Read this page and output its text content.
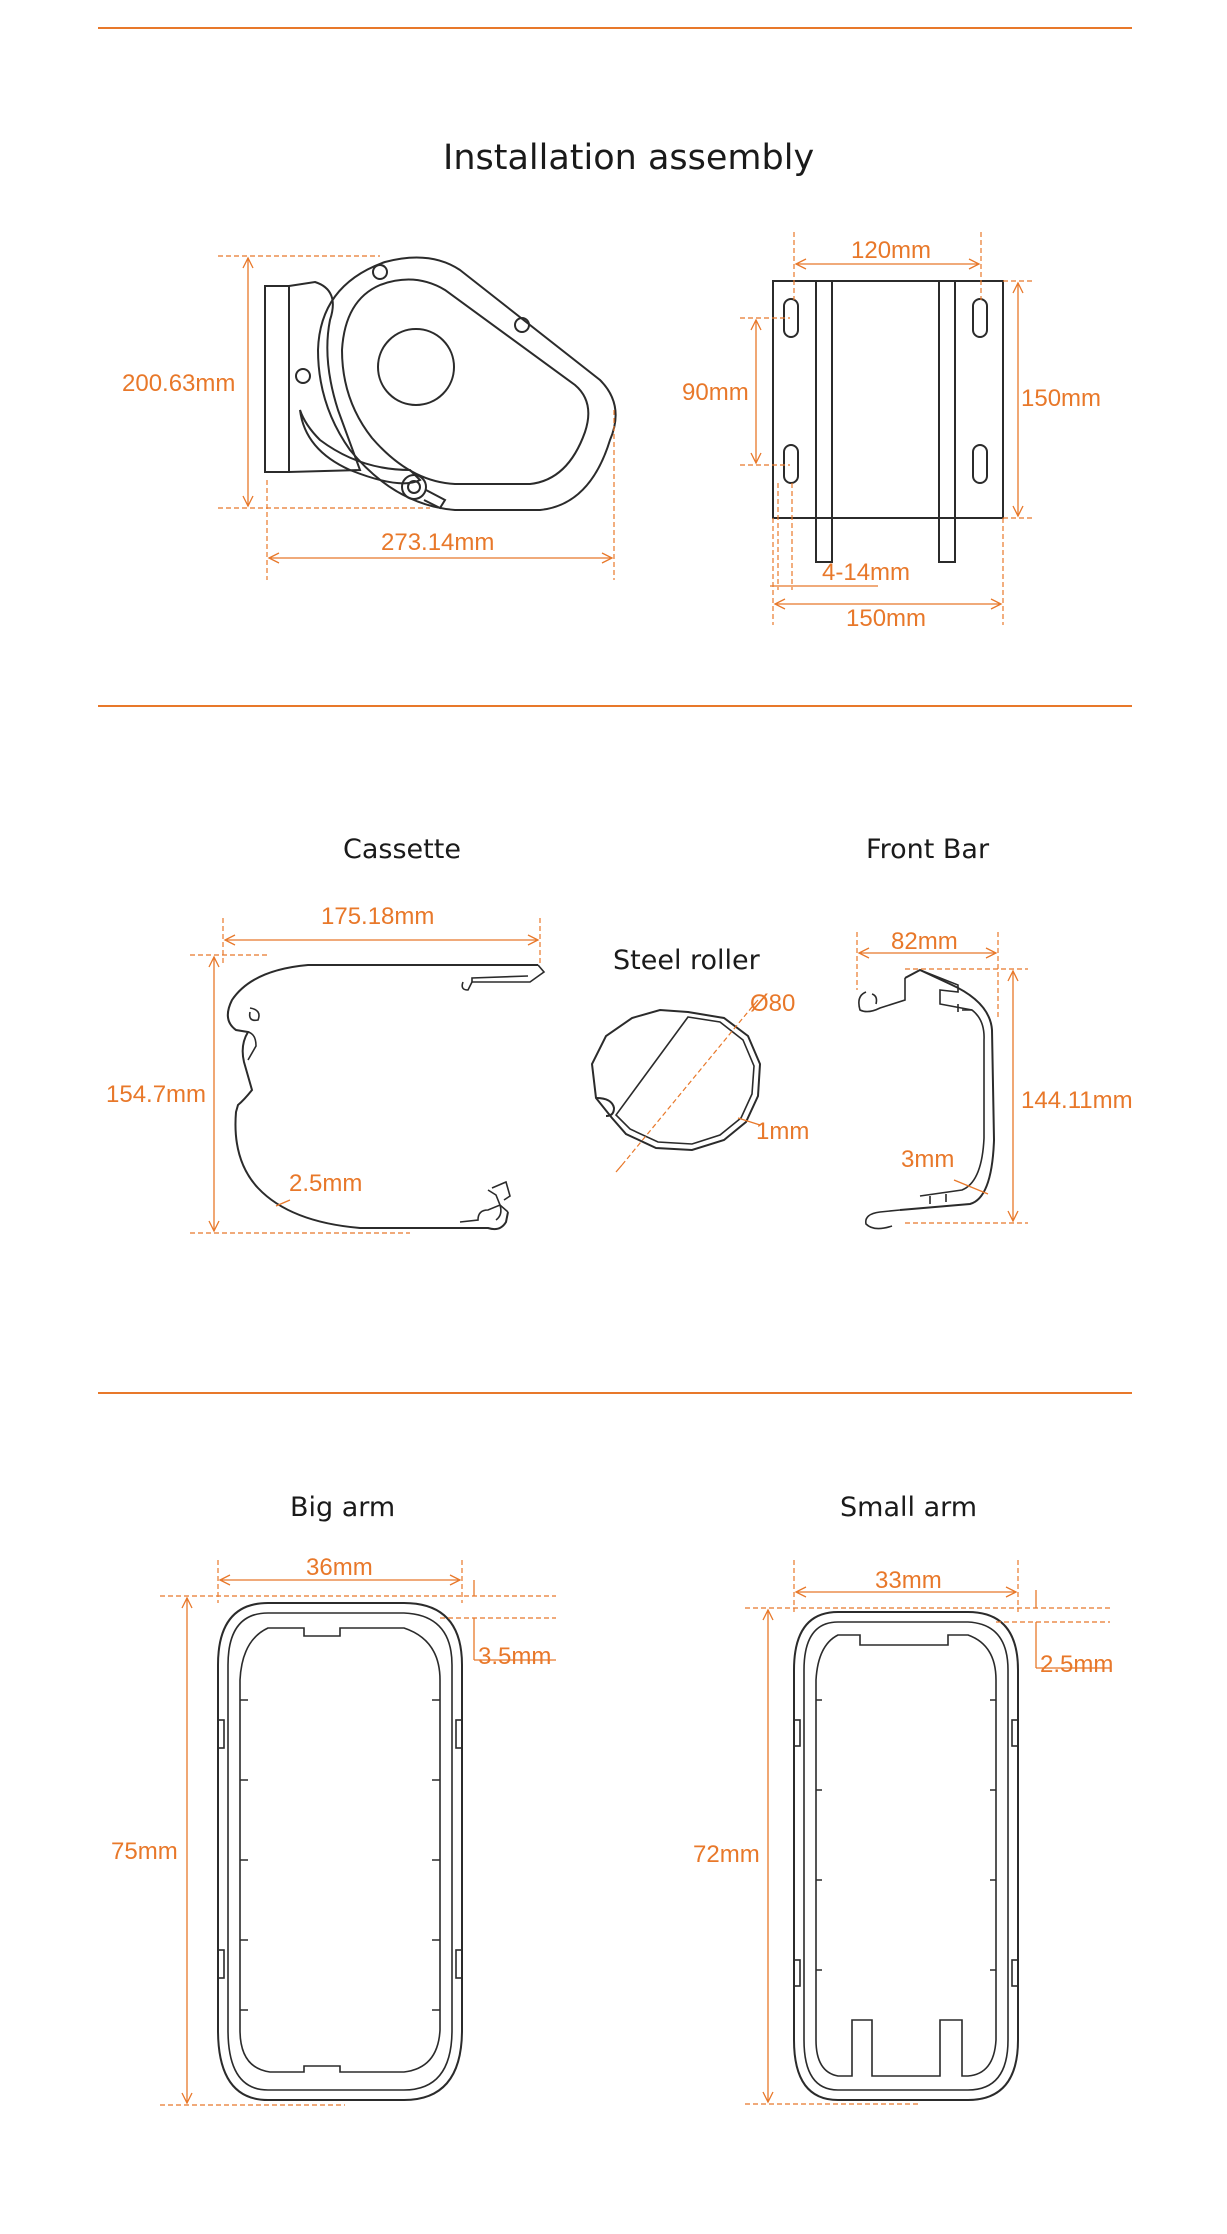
Installation assembly
200.63mm
273.14mm
120mm
90mm	150mm
4-14mm
150mm
Cassette
Steel roller
Front Bar
175.18mm
154.7mm
2.5mm
Ø80
1mm
82mm
144.11mm
3mm
Big arm	Small arm
36mm
3.5mm
75mm
33mm
2.5mm
72mm
